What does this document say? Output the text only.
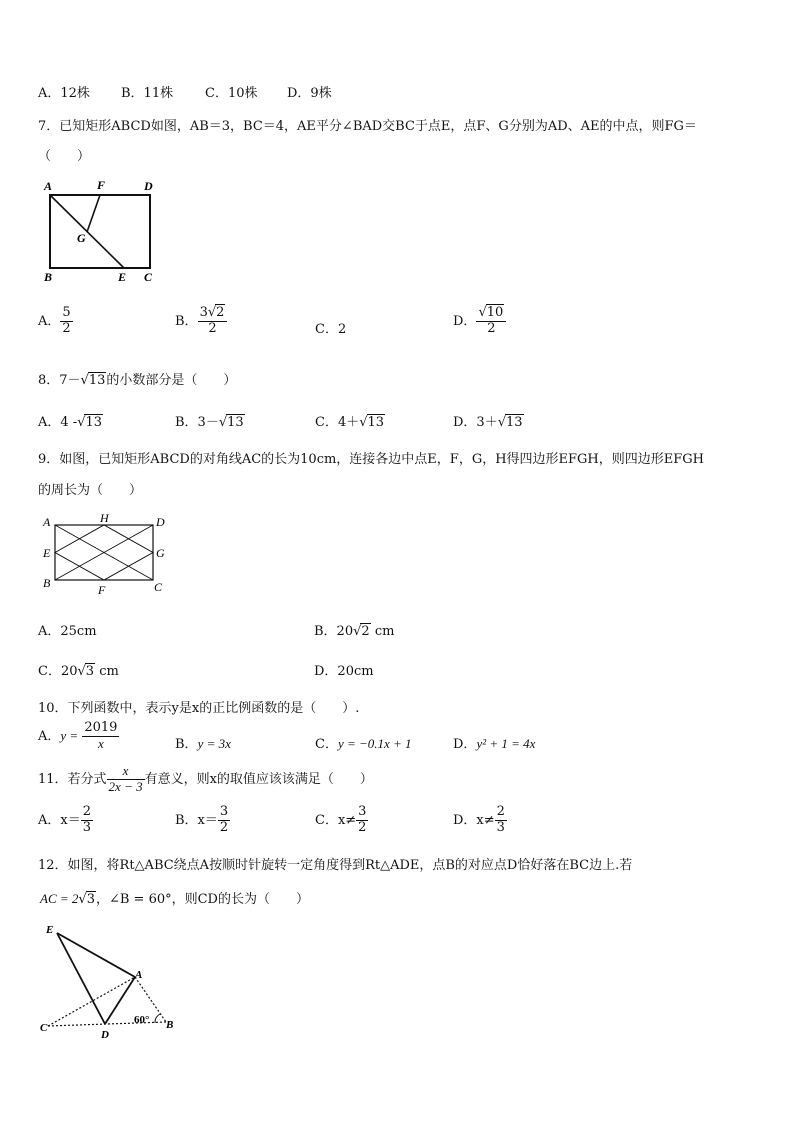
A．12株 B．11株 C．10株 D．9株
7．已知矩形ABCD如图，AB＝3，BC＝4，AE平分∠BAD交BC于点E，点F、G分别为AD、AE的中点，则FG＝
（　　）
A	F	D
G
B	E C
A． $\frac{5}{2}$	B． $\frac{3√2}{2}$	C．2
D． $\frac{√10}{2}$
8．7－√13的小数部分是（　　）
A．4 -√13	B．3－√13	C．4＋√13	D．3＋√13
9．如图，已知矩形ABCD的对角线AC的长为10cm，连接各边中点E，F，G，H得四边形EFGH，则四边形EFGH
的周长为（　　）
A	H	D
E	G
B	F	C
A．25cm	B．20√2 cm
C．20√3 cm	D．20cm
10．下列函数中，表示y是x的正比例函数的是（　　）.
A．$y = \frac{2019}{x}$	B．y = 3x	C．y = −0.1x + 1	D．y² + 1 = 4x
11．若分式 $\frac{x}{2x - 3}$ 有意义，则x的取值应该该满足（　　）
A．$x= \frac{2}{3}$	B．$x= \frac{3}{2}$	C．$x\ne \frac{3}{2}$	D．$x\ne \frac{2}{3}$
12．如图，将Rt△ABC绕点A按顺时针旋转一定角度得到Rt△ADE，点B的对应点D恰好落在BC边上.若
AC = 2√3，∠B = 60°，则CD的长为（　　）
E
A
C
D
B
60°
